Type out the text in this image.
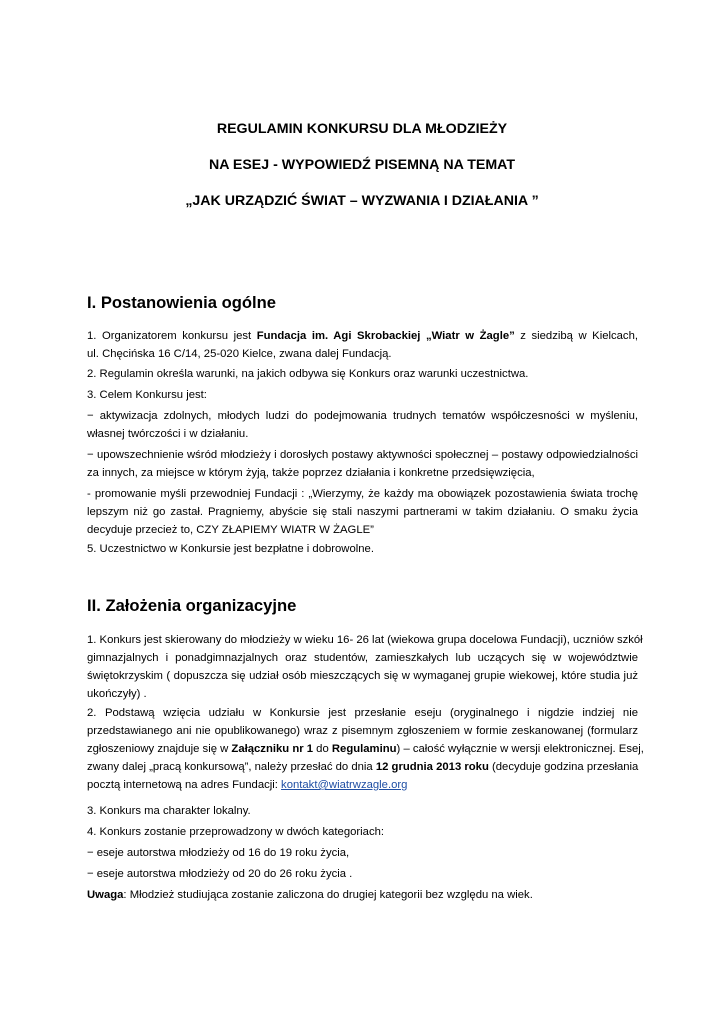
REGULAMIN KONKURSU DLA MŁODZIEŻY
NA ESEJ - WYPOWIEDŹ PISEMNĄ NA TEMAT
„JAK URZĄDZIĆ ŚWIAT – WYZWANIA I DZIAŁANIA ”
I. Postanowienia ogólne
1. Organizatorem konkursu jest Fundacja im. Agi Skrobackiej „Wiatr w Żagle” z siedzibą w Kielcach,
ul. Chęcińska 16 C/14, 25-020 Kielce, zwana dalej Fundacją.
2. Regulamin określa warunki, na jakich odbywa się Konkurs oraz warunki uczestnictwa.
3. Celem Konkursu jest:
− aktywizacja zdolnych, młodych ludzi do podejmowania trudnych tematów współczesności w myśleniu,
własnej twórczości i w działaniu.
− upowszechnienie wśród młodzieży i dorosłych postawy aktywności społecznej – postawy odpowiedzialności
za innych, za miejsce w którym żyją, także poprzez działania i konkretne przedsięwzięcia,
- promowanie myśli przewodniej Fundacji : „Wierzymy, że każdy ma obowiązek pozostawienia świata trochę
lepszym niż go zastał. Pragniemy, abyście się stali naszymi partnerami w takim działaniu. O smaku życia
decyduje przecież to, CZY ZŁAPIEMY WIATR W ŻAGLE”
5. Uczestnictwo w Konkursie jest bezpłatne i dobrowolne.
II. Założenia organizacyjne
1. Konkurs jest skierowany do młodzieży w wieku 16- 26 lat (wiekowa grupa docelowa Fundacji), uczniów szkół
gimnazjalnych i ponadgimnazjalnych oraz studentów, zamieszkałych lub uczących się w województwie
świętokrzyskim ( dopuszcza się udział osób mieszczących się w wymaganej grupie wiekowej, które studia już
ukończyły) .
2. Podstawą wzięcia udziału w Konkursie jest przesłanie eseju (oryginalnego i nigdzie indziej nie
przedstawianego ani nie opublikowanego) wraz z pisemnym zgłoszeniem w formie zeskanowanej (formularz
zgłoszeniowy znajduje się w Załączniku nr 1 do Regulaminu) – całość wyłącznie w wersji elektronicznej. Esej,
zwany dalej „pracą konkursową”, należy przesłać do dnia 12 grudnia 2013 roku (decyduje godzina przesłania
pocztą internetową na adres Fundacji: kontakt@wiatrwzagle.org
3. Konkurs ma charakter lokalny.
4. Konkurs zostanie przeprowadzony w dwóch kategoriach:
− eseje autorstwa młodzieży od 16 do 19 roku życia,
− eseje autorstwa młodzieży od 20 do 26 roku życia .
Uwaga: Młodzież studiująca zostanie zaliczona do drugiej kategorii bez względu na wiek.
